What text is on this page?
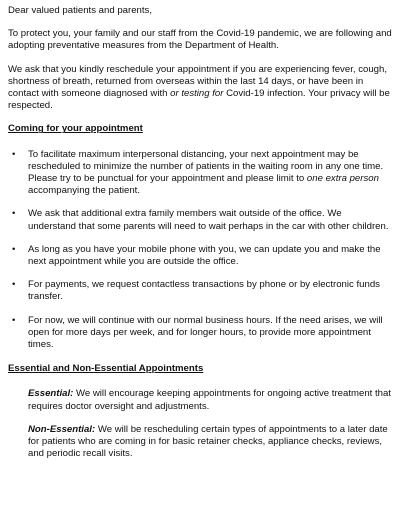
Dear valued patients and parents,

To protect you, your family and our staff from the Covid-19 pandemic, we are following and adopting preventative measures from the Department of Health.

We ask that you kindly reschedule your appointment if you are experiencing fever, cough, shortness of breath, returned from overseas within the last 14 days, or have been in contact with someone diagnosed with or testing for Covid-19 infection. Your privacy will be respected.

Coming for your appointment

• To facilitate maximum interpersonal distancing, your next appointment may be rescheduled to minimize the number of patients in the waiting room in any one time. Please try to be punctual for your appointment and please limit to one extra person accompanying the patient.
• We ask that additional extra family members wait outside of the office. We understand that some parents will need to wait perhaps in the car with other children.
• As long as you have your mobile phone with you, we can update you and make the next appointment while you are outside the office.
• For payments, we request contactless transactions by phone or by electronic funds transfer.
• For now, we will continue with our normal business hours. If the need arises, we will open for more days per week, and for longer hours, to provide more appointment times.

Essential and Non-Essential Appointments

Essential: We will encourage keeping appointments for ongoing active treatment that requires doctor oversight and adjustments.

Non-Essential: We will be rescheduling certain types of appointments to a later date for patients who are coming in for basic retainer checks, appliance checks, reviews, and periodic recall visits.
